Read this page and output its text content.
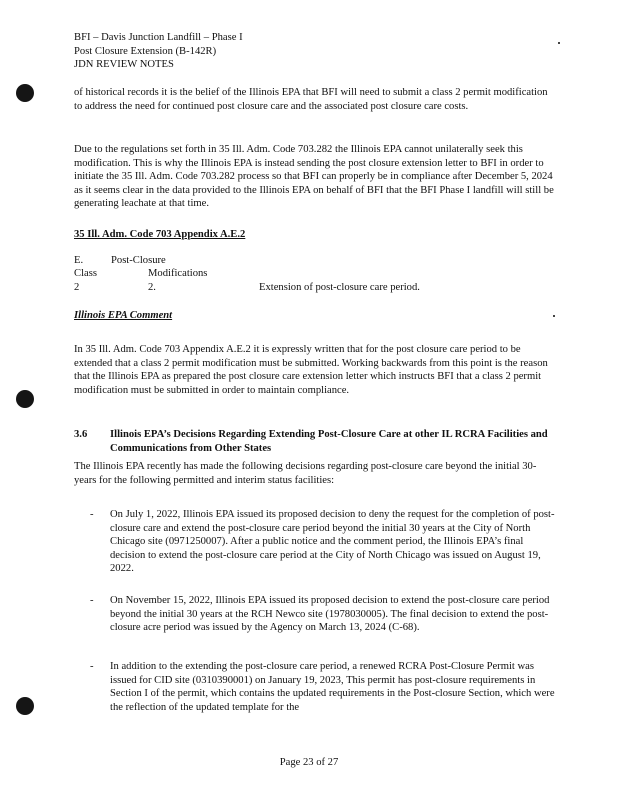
BFI – Davis Junction Landfill – Phase I
Post Closure Extension (B-142R)
JDN REVIEW NOTES

of historical records it is the belief of the Illinois EPA that BFI will need to submit a class 2 permit modification to address the need for continued post closure care and the associated post closure care costs.

Due to the regulations set forth in 35 Ill. Adm. Code 703.282 the Illinois EPA cannot unilaterally seek this modification. This is why the Illinois EPA is instead sending the post closure extension letter to BFI in order to initiate the 35 Ill. Adm. Code 703.282 process so that BFI can properly be in compliance after December 5, 2024 as it seems clear in the data provided to the Illinois EPA on behalf of BFI that the BFI Phase I landfill will still be generating leachate at that time.

35 Ill. Adm. Code 703 Appendix A.E.2
E.	Post-Closure
Class	Modifications
2	2.	Extension of post-closure care period.
Illinois EPA Comment

In 35 Ill. Adm. Code 703 Appendix A.E.2 it is expressly written that for the post closure care period to be extended that a class 2 permit modification must be submitted. Working backwards from this point is the reason that the Illinois EPA as prepared the post closure care extension letter which instructs BFI that a class 2 permit modification must be submitted in order to maintain compliance.

3.6 Illinois EPA’s Decisions Regarding Extending Post-Closure Care at other IL RCRA Facilities and Communications from Other States

The Illinois EPA recently has made the following decisions regarding post-closure care beyond the initial 30-years for the following permitted and interim status facilities:

- On July 1, 2022, Illinois EPA issued its proposed decision to deny the request for the completion of post-closure care and extend the post-closure care period beyond the initial 30 years at the City of North Chicago site (0971250007). After a public notice and the comment period, the Illinois EPA’s final decision to extend the post-closure care period at the City of North Chicago was issued on August 19, 2022.

- On November 15, 2022, Illinois EPA issued its proposed decision to extend the post-closure care period beyond the initial 30 years at the RCH Newco site (1978030005). The final decision to extend the post-closure acre period was issued by the Agency on March 13, 2024 (C-68).

- In addition to the extending the post-closure care period, a renewed RCRA Post-Closure Permit was issued for CID site (0310390001) on January 19, 2023, This permit has post-closure requirements in Section I of the permit, which contains the updated requirements in the Post-closure Section, which were the reflection of the updated template for the

Page 23 of 27
